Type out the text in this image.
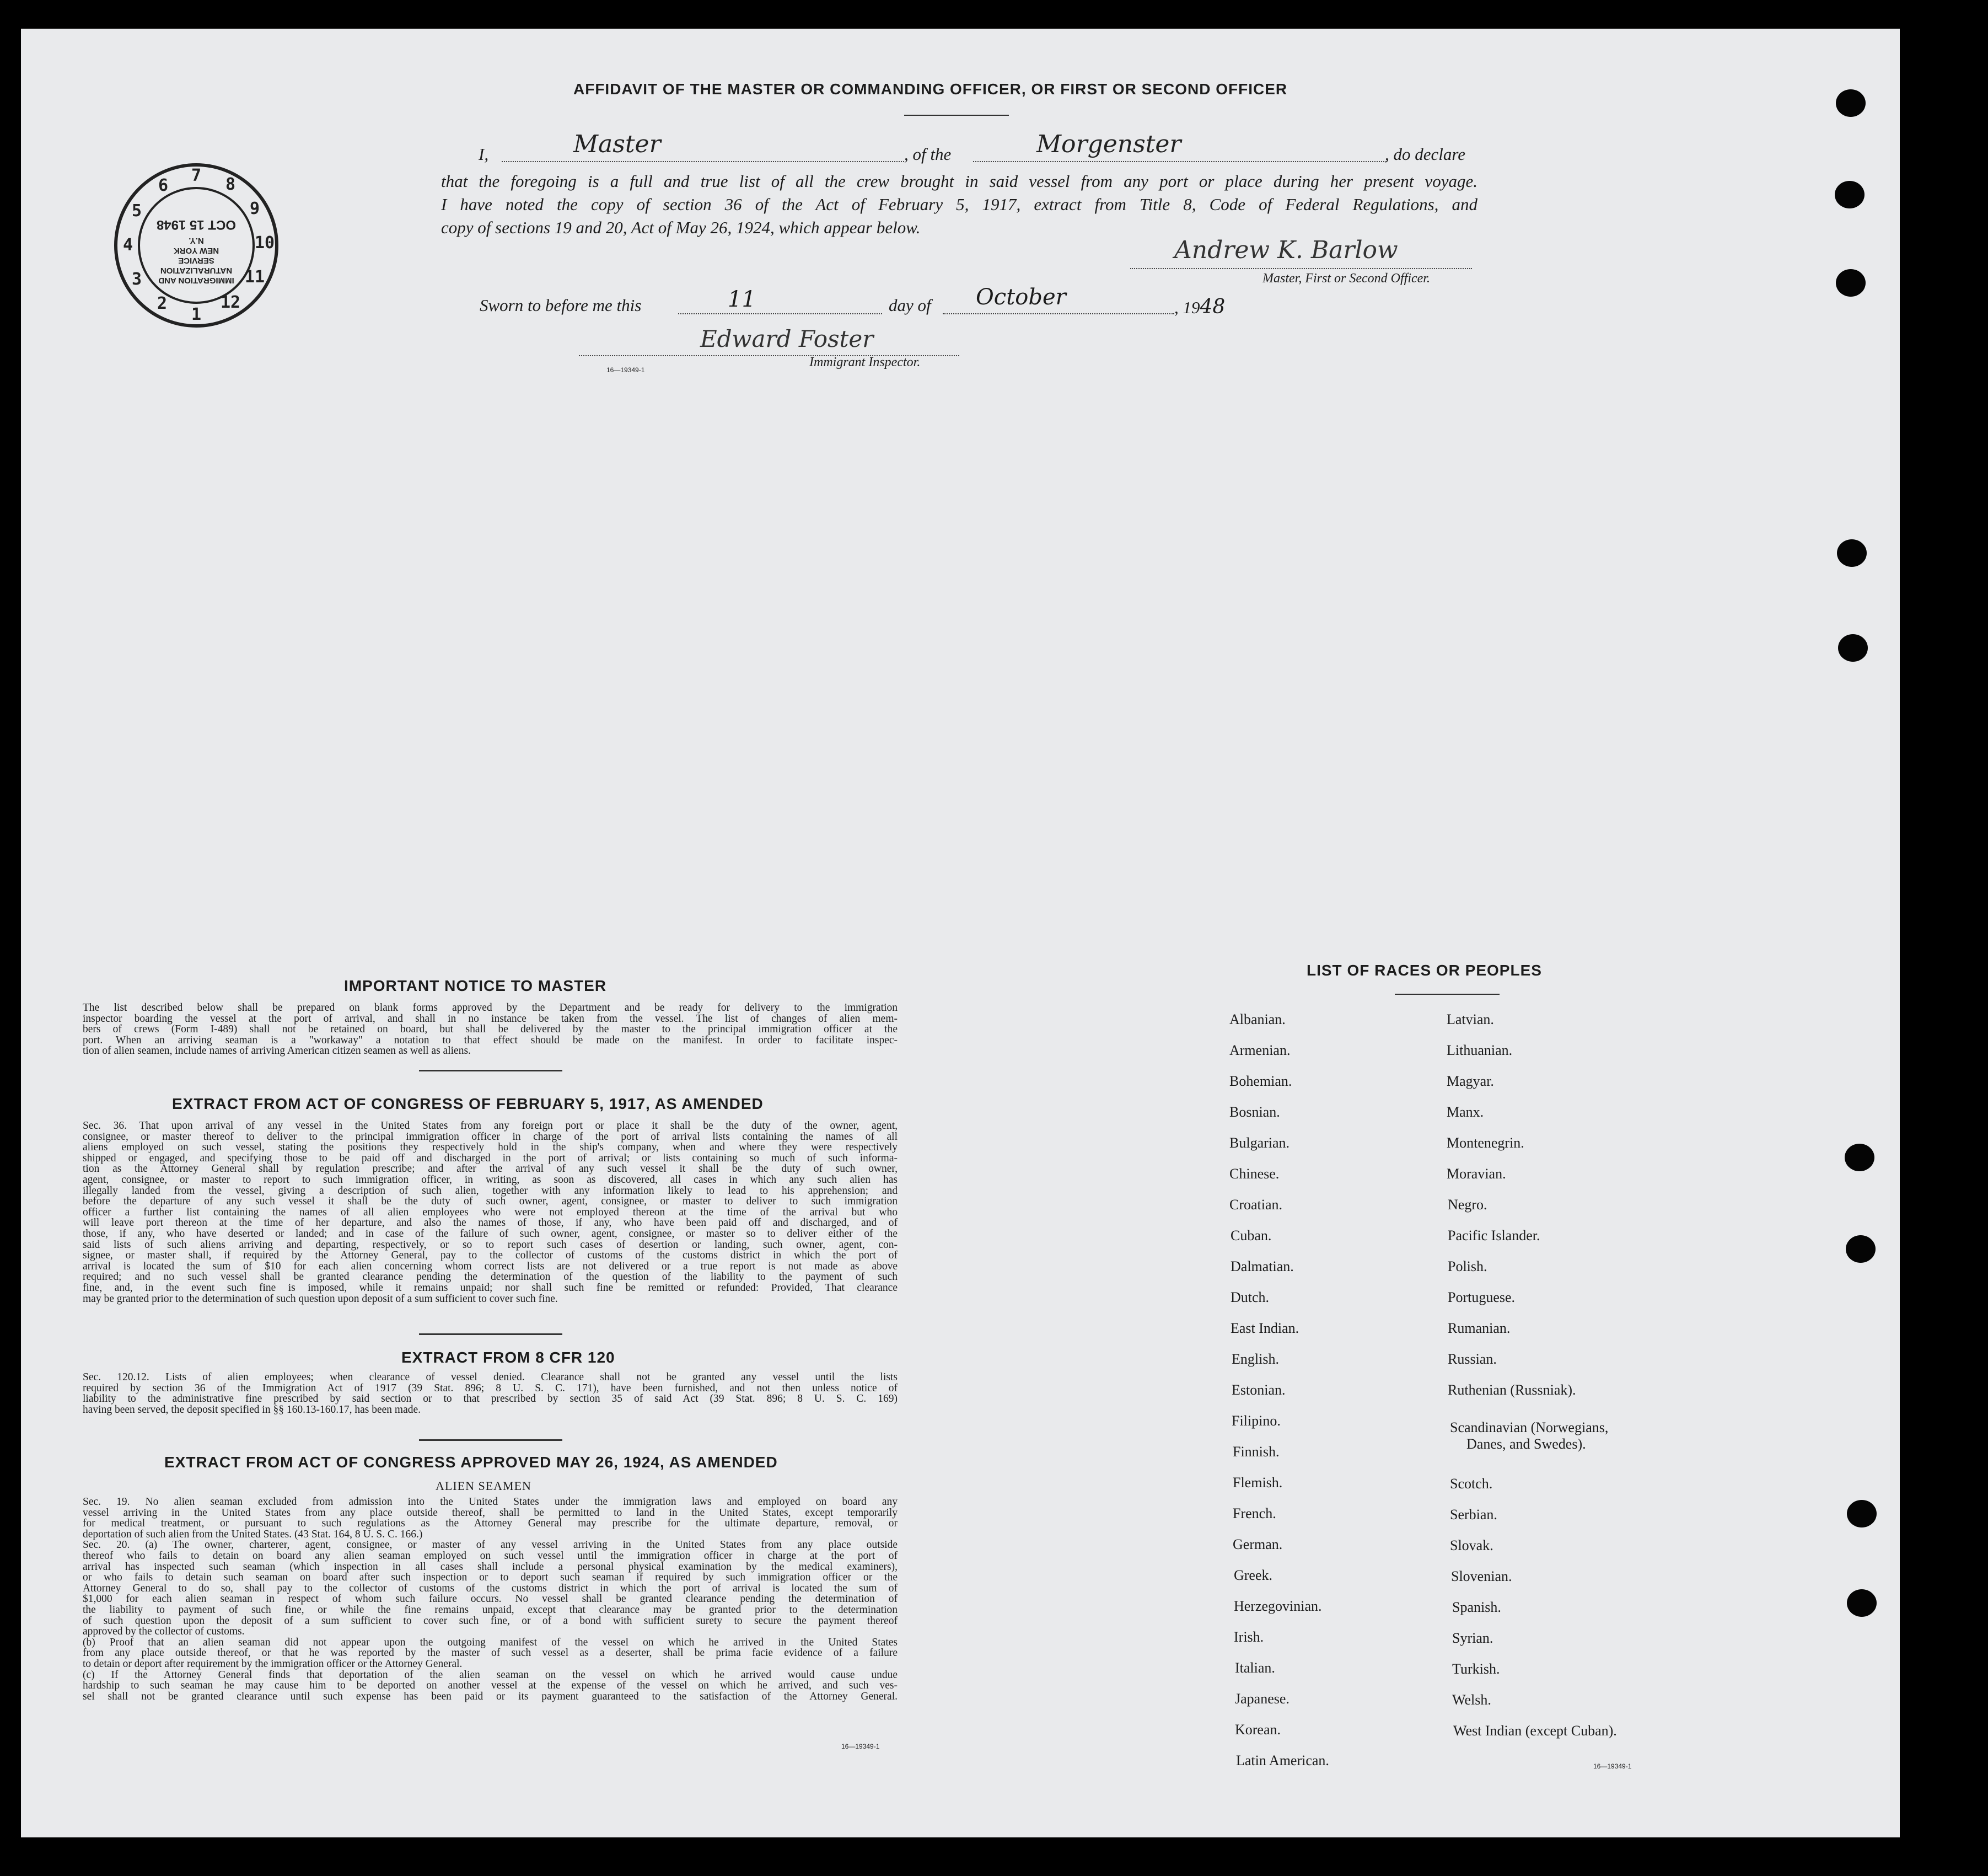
AFFIDAVIT OF THE MASTER OR COMMANDING OFFICER, OR FIRST OR SECOND OFFICER
I,	Master	, of the	Morgenster	, do declare
that the foregoing is a full and true list of all the crew brought in said vessel from any port or place during her present voyage.
I have noted the copy of section 36 of the Act of February 5, 1917, extract from Title 8, Code of Federal Regulations, and
copy of sections 19 and 20, Act of May 26, 1924, which appear below.
Andrew K. Barlow
Master, First or Second Officer.
Sworn to before me this	11	day of October	, 1948
Edward Foster
16—19349-1
Immigrant Inspector.
7 8
9
10
11
12
1
2
3
4
5
6
IMMIGRATION AND
NATURALIZATION
SERVICE
NEW YORK
N.Y.
OCT 15 1948
IMPORTANT NOTICE TO MASTER
The list described below shall be prepared on blank forms approved by the Department and be ready for delivery to the immigration
inspector boarding the vessel at the port of arrival, and shall in no instance be taken from the vessel. The list of changes of alien mem-
bers of crews (Form I-489) shall not be retained on board, but shall be delivered by the master to the principal immigration officer at the
port. When an arriving seaman is a "workaway" a notation to that effect should be made on the manifest. In order to facilitate inspec-
tion of alien seamen, include names of arriving American citizen seamen as well as aliens.
EXTRACT FROM ACT OF CONGRESS OF FEBRUARY 5, 1917, AS AMENDED
Sec. 36. That upon arrival of any vessel in the United States from any foreign port or place it shall be the duty of the owner, agent,
consignee, or master thereof to deliver to the principal immigration officer in charge of the port of arrival lists containing the names of all
aliens employed on such vessel, stating the positions they respectively hold in the ship's company, when and where they were respectively
shipped or engaged, and specifying those to be paid off and discharged in the port of arrival; or lists containing so much of such informa-
tion as the Attorney General shall by regulation prescribe; and after the arrival of any such vessel it shall be the duty of such owner,
agent, consignee, or master to report to such immigration officer, in writing, as soon as discovered, all cases in which any such alien has
illegally landed from the vessel, giving a description of such alien, together with any information likely to lead to his apprehension; and
before the departure of any such vessel it shall be the duty of such owner, agent, consignee, or master to deliver to such immigration
officer a further list containing the names of all alien employees who were not employed thereon at the time of the arrival but who
will leave port thereon at the time of her departure, and also the names of those, if any, who have been paid off and discharged, and of
those, if any, who have deserted or landed; and in case of the failure of such owner, agent, consignee, or master so to deliver either of the
said lists of such aliens arriving and departing, respectively, or so to report such cases of desertion or landing, such owner, agent, con-
signee, or master shall, if required by the Attorney General, pay to the collector of customs of the customs district in which the port of
arrival is located the sum of $10 for each alien concerning whom correct lists are not delivered or a true report is not made as above
required; and no such vessel shall be granted clearance pending the determination of the question of the liability to the payment of such
fine, and, in the event such fine is imposed, while it remains unpaid; nor shall such fine be remitted or refunded: Provided, That clearance
may be granted prior to the determination of such question upon deposit of a sum sufficient to cover such fine.
EXTRACT FROM 8 CFR 120
Sec. 120.12. Lists of alien employees; when clearance of vessel denied. Clearance shall not be granted any vessel until the lists
required by section 36 of the Immigration Act of 1917 (39 Stat. 896; 8 U. S. C. 171), have been furnished, and not then unless notice of
liability to the administrative fine prescribed by said section or to that prescribed by section 35 of said Act (39 Stat. 896; 8 U. S. C. 169)
having been served, the deposit specified in §§ 160.13-160.17, has been made.
EXTRACT FROM ACT OF CONGRESS APPROVED MAY 26, 1924, AS AMENDED
ALIEN SEAMEN
Sec. 19. No alien seaman excluded from admission into the United States under the immigration laws and employed on board any
vessel arriving in the United States from any place outside thereof, shall be permitted to land in the United States, except temporarily
for medical treatment, or pursuant to such regulations as the Attorney General may prescribe for the ultimate departure, removal, or
deportation of such alien from the United States. (43 Stat. 164, 8 U. S. C. 166.)
Sec. 20. (a) The owner, charterer, agent, consignee, or master of any vessel arriving in the United States from any place outside
thereof who fails to detain on board any alien seaman employed on such vessel until the immigration officer in charge at the port of
arrival has inspected such seaman (which inspection in all cases shall include a personal physical examination by the medical examiners),
or who fails to detain such seaman on board after such inspection or to deport such seaman if required by such immigration officer or the
Attorney General to do so, shall pay to the collector of customs of the customs district in which the port of arrival is located the sum of
$1,000 for each alien seaman in respect of whom such failure occurs. No vessel shall be granted clearance pending the determination of
the liability to payment of such fine, or while the fine remains unpaid, except that clearance may be granted prior to the determination
of such question upon the deposit of a sum sufficient to cover such fine, or of a bond with sufficient surety to secure the payment thereof
approved by the collector of customs.
(b) Proof that an alien seaman did not appear upon the outgoing manifest of the vessel on which he arrived in the United States
from any place outside thereof, or that he was reported by the master of such vessel as a deserter, shall be prima facie evidence of a failure
to detain or deport after requirement by the immigration officer or the Attorney General.
(c) If the Attorney General finds that deportation of the alien seaman on the vessel on which he arrived would cause undue
hardship to such seaman he may cause him to be deported on another vessel at the expense of the vessel on which he arrived, and such ves-
sel shall not be granted clearance until such expense has been paid or its payment guaranteed to the satisfaction of the Attorney General.
16—19349-1
LIST OF RACES OR PEOPLES
Albanian.
Armenian.
Bohemian.
Bosnian.
Bulgarian.
Chinese.
Croatian.
Cuban.
Dalmatian.
Dutch.
East Indian.
English.
Estonian.
Filipino.
Finnish.
Flemish.
French.
German.
Greek.
Herzegovinian.
Irish.
Italian.
Japanese.
Korean.
Latin American.
Latvian.
Lithuanian.
Magyar.
Manx.
Montenegrin.
Moravian.
Negro.
Pacific Islander.
Polish.
Portuguese.
Rumanian.
Russian.
Ruthenian (Russniak).
Scandinavian (Norwegians,
Danes, and Swedes).
Scotch.
Serbian.
Slovak.
Slovenian.
Spanish.
Syrian.
Turkish.
Welsh.
West Indian (except Cuban).
16—19349-1
